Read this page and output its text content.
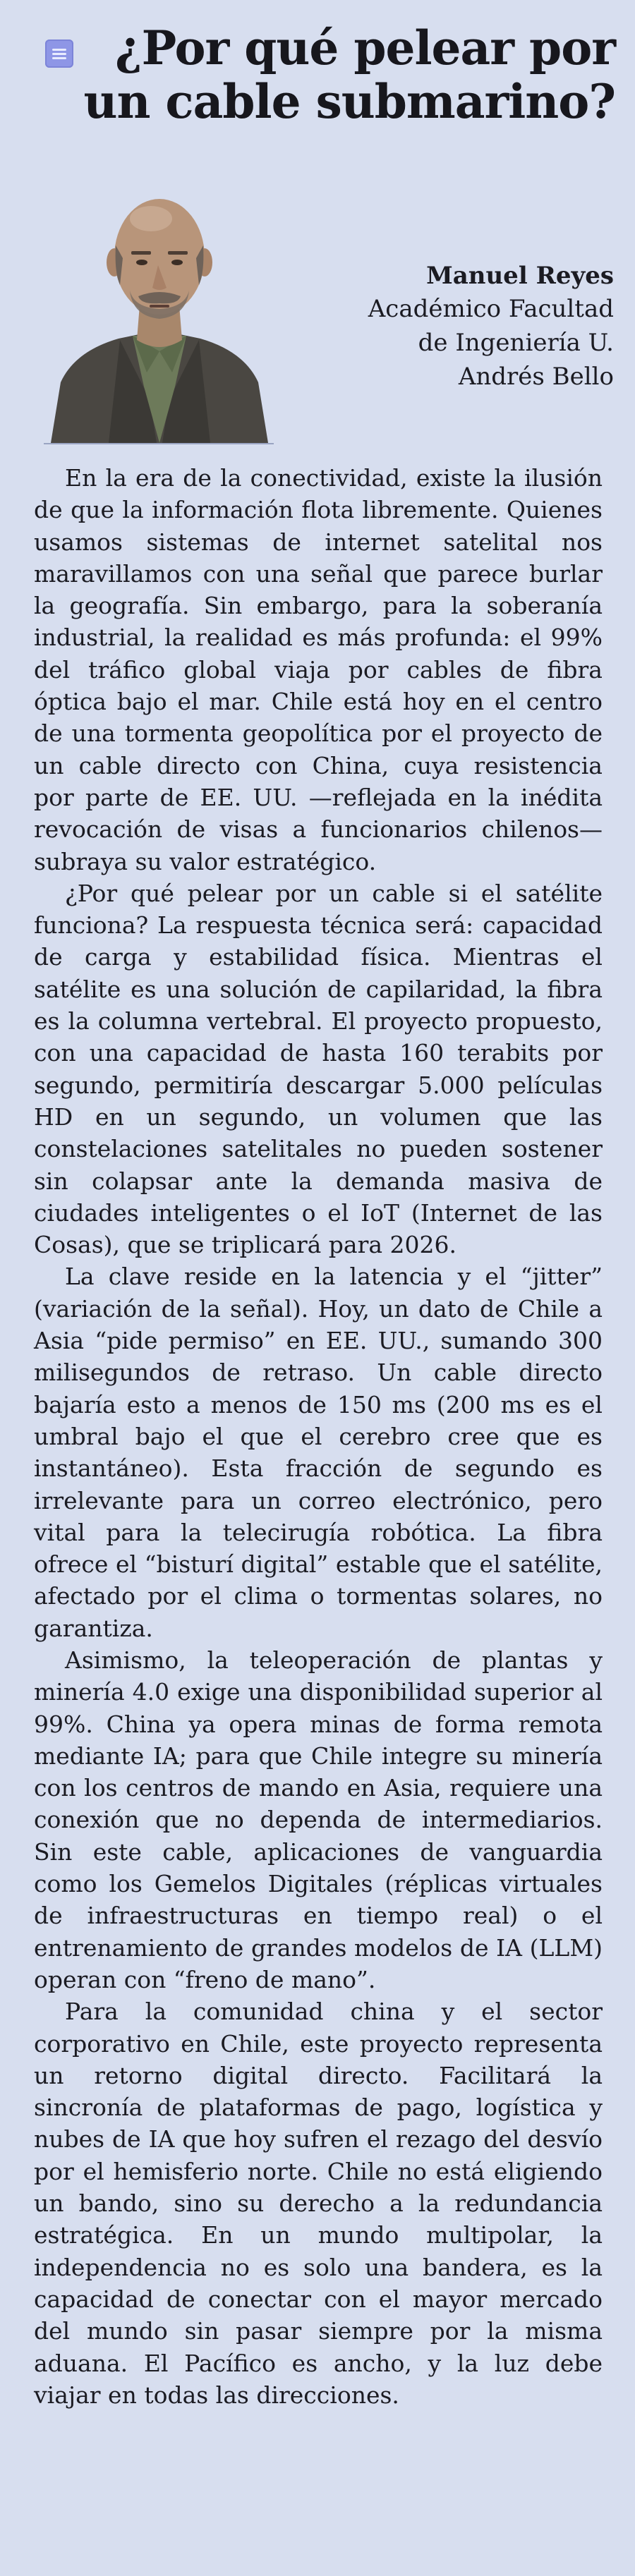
¿Por qué pelear por un cable submarino?
Manuel Reyes
Académico Facultad
de Ingeniería U.
Andrés Bello

En la era de la conectividad, existe la ilusión de que la información flota libremente. Quienes usamos sistemas de internet satelital nos maravillamos con una señal que parece burlar la geografía. Sin embargo, para la soberanía industrial, la realidad es más profunda: el 99% del tráfico global viaja por cables de fibra óptica bajo el mar. Chile está hoy en el centro de una tormenta geopolítica por el proyecto de un cable directo con China, cuya resistencia por parte de EE. UU. —reflejada en la inédita revocación de visas a funcionarios chilenos— subraya su valor estratégico.

¿Por qué pelear por un cable si el satélite funciona? La respuesta técnica será: capacidad de carga y estabilidad física. Mientras el satélite es una solución de capilaridad, la fibra es la columna vertebral. El proyecto propuesto, con una capacidad de hasta 160 terabits por segundo, permitiría descargar 5.000 películas HD en un segundo, un volumen que las constelaciones satelitales no pueden sostener sin colapsar ante la demanda masiva de ciudades inteligentes o el IoT (Internet de las Cosas), que se triplicará para 2026.

La clave reside en la latencia y el “jitter” (variación de la señal). Hoy, un dato de Chile a Asia “pide permiso” en EE. UU., sumando 300 milisegundos de retraso. Un cable directo bajaría esto a menos de 150 ms (200 ms es el umbral bajo el que el cerebro cree que es instantáneo). Esta fracción de segundo es irrelevante para un correo electrónico, pero vital para la telecirugía robótica. La fibra ofrece el “bisturí digital” estable que el satélite, afectado por el clima o tormentas solares, no garantiza.

Asimismo, la teleoperación de plantas y minería 4.0 exige una disponibilidad superior al 99%. China ya opera minas de forma remota mediante IA; para que Chile integre su minería con los centros de mando en Asia, requiere una conexión que no dependa de intermediarios. Sin este cable, aplicaciones de vanguardia como los Gemelos Digitales (réplicas virtuales de infraestructuras en tiempo real) o el entrenamiento de grandes modelos de IA (LLM) operan con “freno de mano”.

Para la comunidad china y el sector corporativo en Chile, este proyecto representa un retorno digital directo. Facilitará la sincronía de plataformas de pago, logística y nubes de IA que hoy sufren el rezago del desvío por el hemisferio norte. Chile no está eligiendo un bando, sino su derecho a la redundancia estratégica. En un mundo multipolar, la independencia no es solo una bandera, es la capacidad de conectar con el mayor mercado del mundo sin pasar siempre por la misma aduana. El Pacífico es ancho, y la luz debe viajar en todas las direcciones.
